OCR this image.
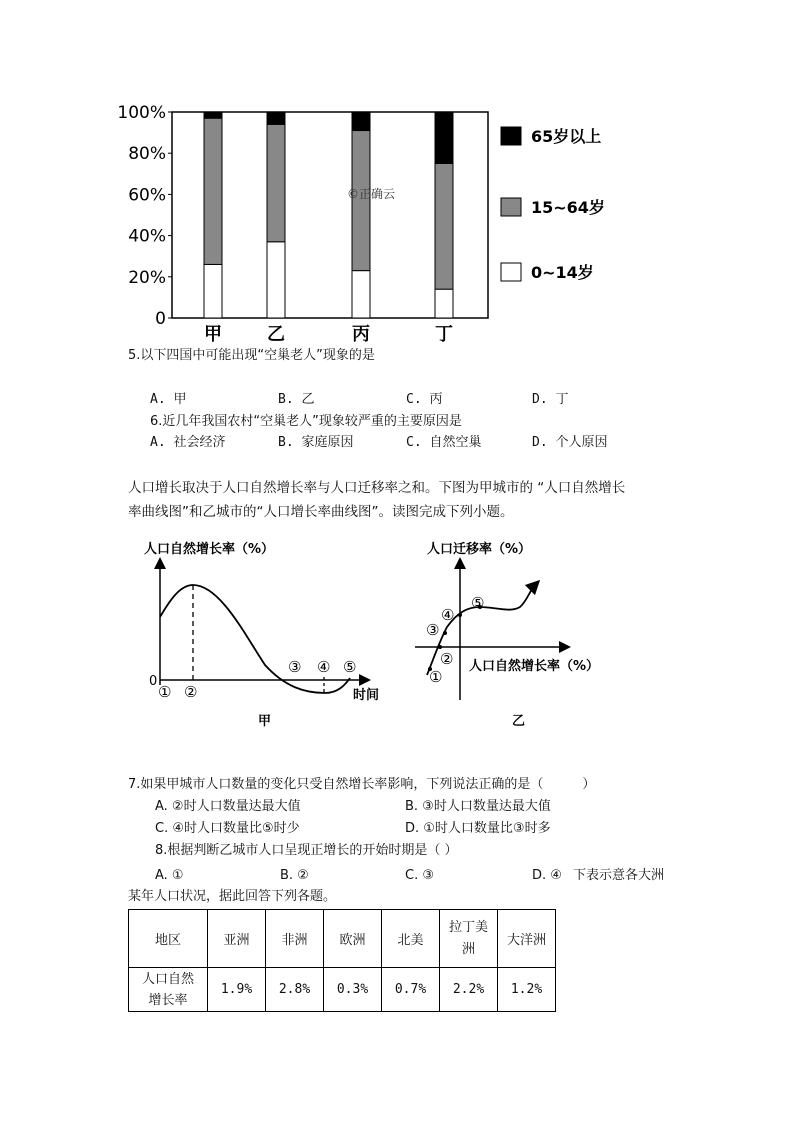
0
20%
40%
60%
80%
100%
甲	乙	丙	丁
65岁以上
15~64岁
0~14岁
©正确云
5.以下四国中可能出现“空巢老人”现象的是
A. 甲	B. 乙	C. 丙	D. 丁
6.近几年我国农村“空巢老人”现象较严重的主要原因是
A. 社会经济	B. 家庭原因	C. 自然空巢	D. 个人原因
人口增长取决于人口自然增长率与人口迁移率之和。下图为甲城市的 “人口自然增长
率曲线图”和乙城市的“人口增长率曲线图”。读图完成下列小题。
人口自然增长率（%）
0
① ②
③ ④ ⑤
时间
甲
人口迁移率（%）
①
②
③
④
⑤
人口自然增长率（%）
乙
7.如果甲城市人口数量的变化只受自然增长率影响，下列说法正确的是（　　　）
A. ②时人口数量达最大值	B. ③时人口数量达最大值
C. ④时人口数量比⑤时少	D. ①时人口数量比③时多
8.根据判断乙城市人口呈现正增长的开始时期是（ ）
A. ①	B. ②	C. ③	D. ④ 下表示意各大洲
某年人口状况，据此回答下列各题。
地区	亚洲	非洲	欧洲	北美	拉丁美洲	大洋洲

人口自然增长率	1.9%	2.8%	0.3%	0.7%	2.2%	1.2%
